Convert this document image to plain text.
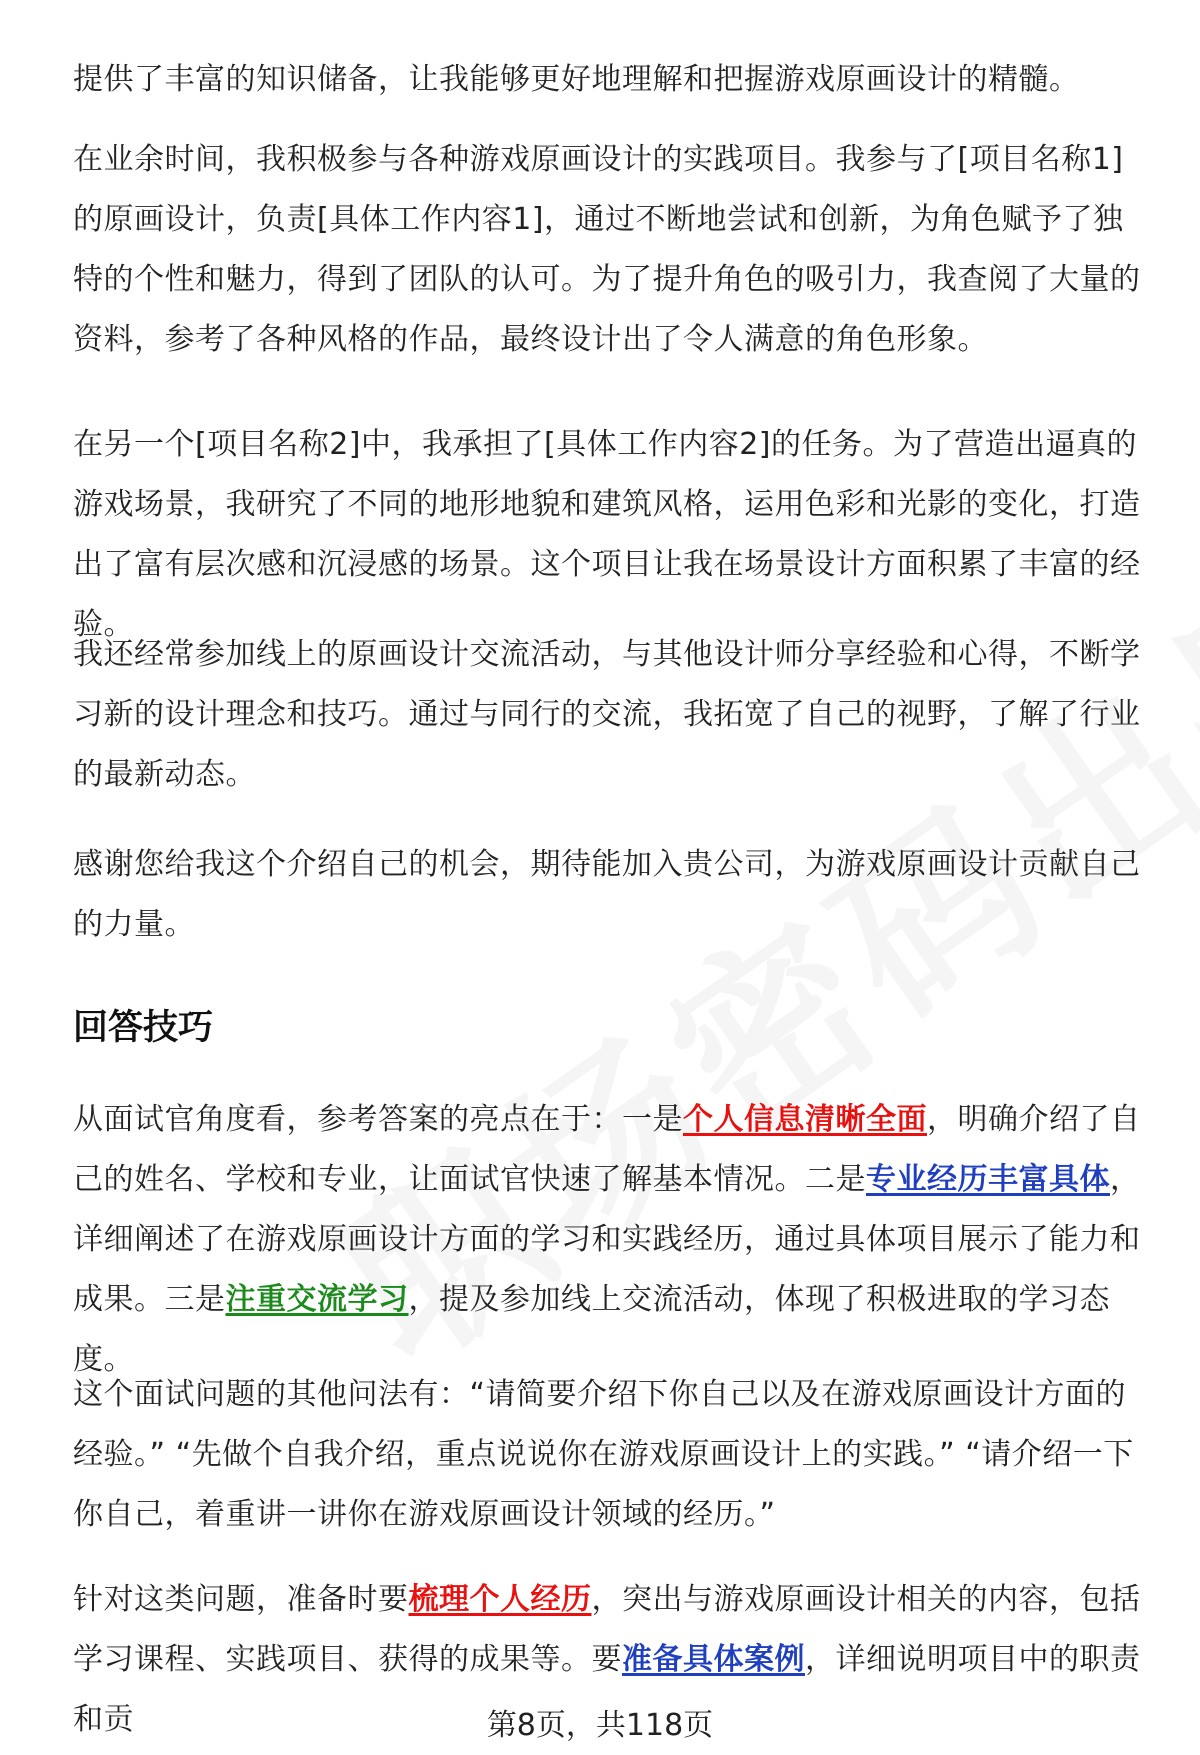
提供了丰富的知识储备，让我能够更好地理解和把握游戏原画设计的精髓。

在业余时间，我积极参与各种游戏原画设计的实践项目。我参与了[项目名称1]的原画设计，负责[具体工作内容1]，通过不断地尝试和创新，为角色赋予了独特的个性和魅力，得到了团队的认可。为了提升角色的吸引力，我查阅了大量的资料，参考了各种风格的作品，最终设计出了令人满意的角色形象。

在另一个[项目名称2]中，我承担了[具体工作内容2]的任务。为了营造出逼真的游戏场景，我研究了不同的地形地貌和建筑风格，运用色彩和光影的变化，打造出了富有层次感和沉浸感的场景。这个项目让我在场景设计方面积累了丰富的经验。

我还经常参加线上的原画设计交流活动，与其他设计师分享经验和心得，不断学习新的设计理念和技巧。通过与同行的交流，我拓宽了自己的视野，了解了行业的最新动态。

感谢您给我这个介绍自己的机会，期待能加入贵公司，为游戏原画设计贡献自己的力量。

回答技巧

从面试官角度看，参考答案的亮点在于：一是个人信息清晰全面，明确介绍了自己的姓名、学校和专业，让面试官快速了解基本情况。二是专业经历丰富具体，详细阐述了在游戏原画设计方面的学习和实践经历，通过具体项目展示了能力和成果。三是注重交流学习，提及参加线上交流活动，体现了积极进取的学习态度。

这个面试问题的其他问法有：“请简要介绍下你自己以及在游戏原画设计方面的经验。” “先做个自我介绍，重点说说你在游戏原画设计上的实践。” “请介绍一下你自己，着重讲一讲你在游戏原画设计领域的经历。”

针对这类问题，准备时要梳理个人经历，突出与游戏原画设计相关的内容，包括学习课程、实践项目、获得的成果等。要准备具体案例，详细说明项目中的职责和贡	第8页，共118页
